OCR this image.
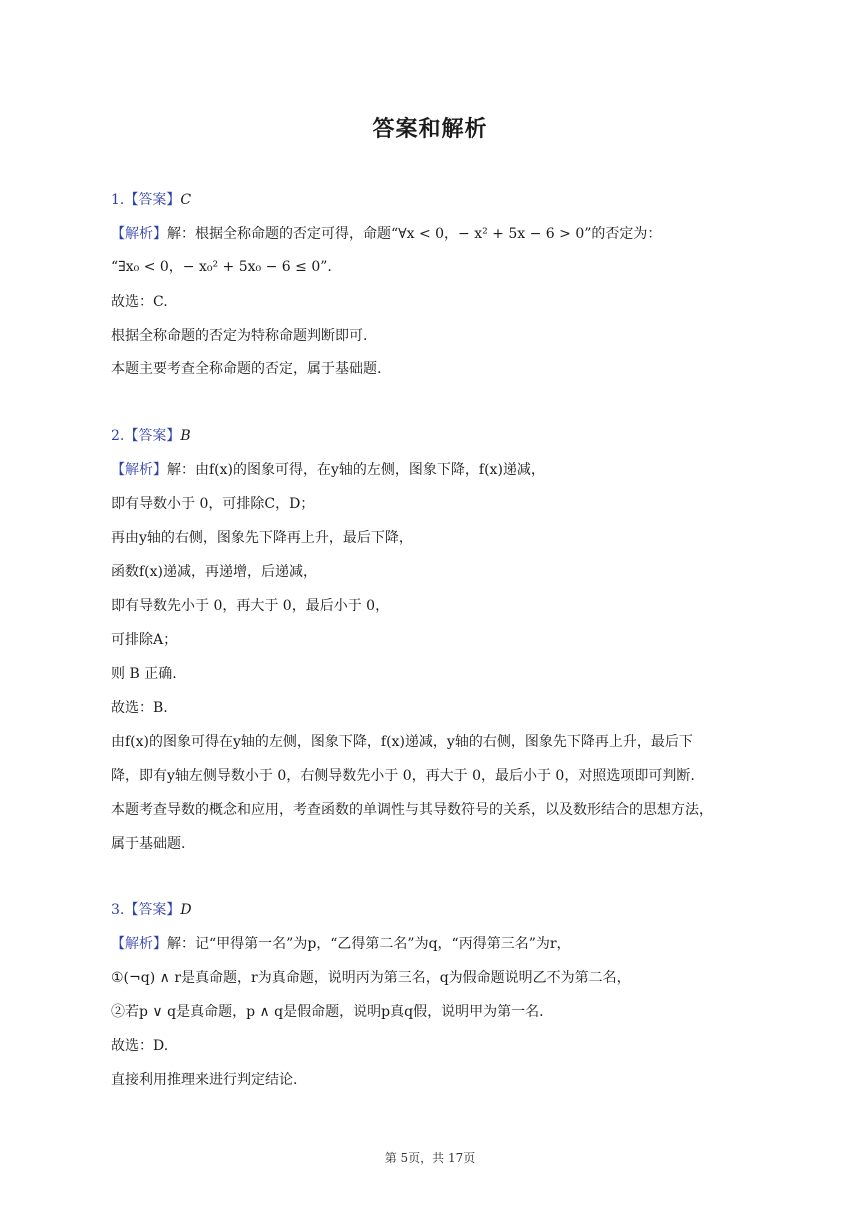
答案和解析
1.【答案】C
【解析】解：根据全称命题的否定可得，命题“∀x < 0，− x² + 5x − 6 > 0”的否定为：
“∃x₀ < 0，− x₀² + 5x₀ − 6 ≤ 0”.
故选：C.
根据全称命题的否定为特称命题判断即可.
本题主要考查全称命题的否定，属于基础题.
2.【答案】B
【解析】解：由f(x)的图象可得，在y轴的左侧，图象下降，f(x)递减，
即有导数小于 0，可排除C，D；
再由y轴的右侧，图象先下降再上升，最后下降，
函数f(x)递减，再递增，后递减，
即有导数先小于 0，再大于 0，最后小于 0，
可排除A；
则 B 正确.
故选：B.
由f(x)的图象可得在y轴的左侧，图象下降，f(x)递减，y轴的右侧，图象先下降再上升，最后下
降，即有y轴左侧导数小于 0，右侧导数先小于 0，再大于 0，最后小于 0，对照选项即可判断.
本题考查导数的概念和应用，考查函数的单调性与其导数符号的关系，以及数形结合的思想方法，
属于基础题.
3.【答案】D
【解析】解：记“甲得第一名”为p，“乙得第二名”为q，“丙得第三名”为r，
①(¬q) ∧ r是真命题，r为真命题，说明丙为第三名，q为假命题说明乙不为第二名，
②若p ∨ q是真命题，p ∧ q是假命题，说明p真q假，说明甲为第一名.
故选：D.
直接利用推理来进行判定结论.
第 5页，共 17页
